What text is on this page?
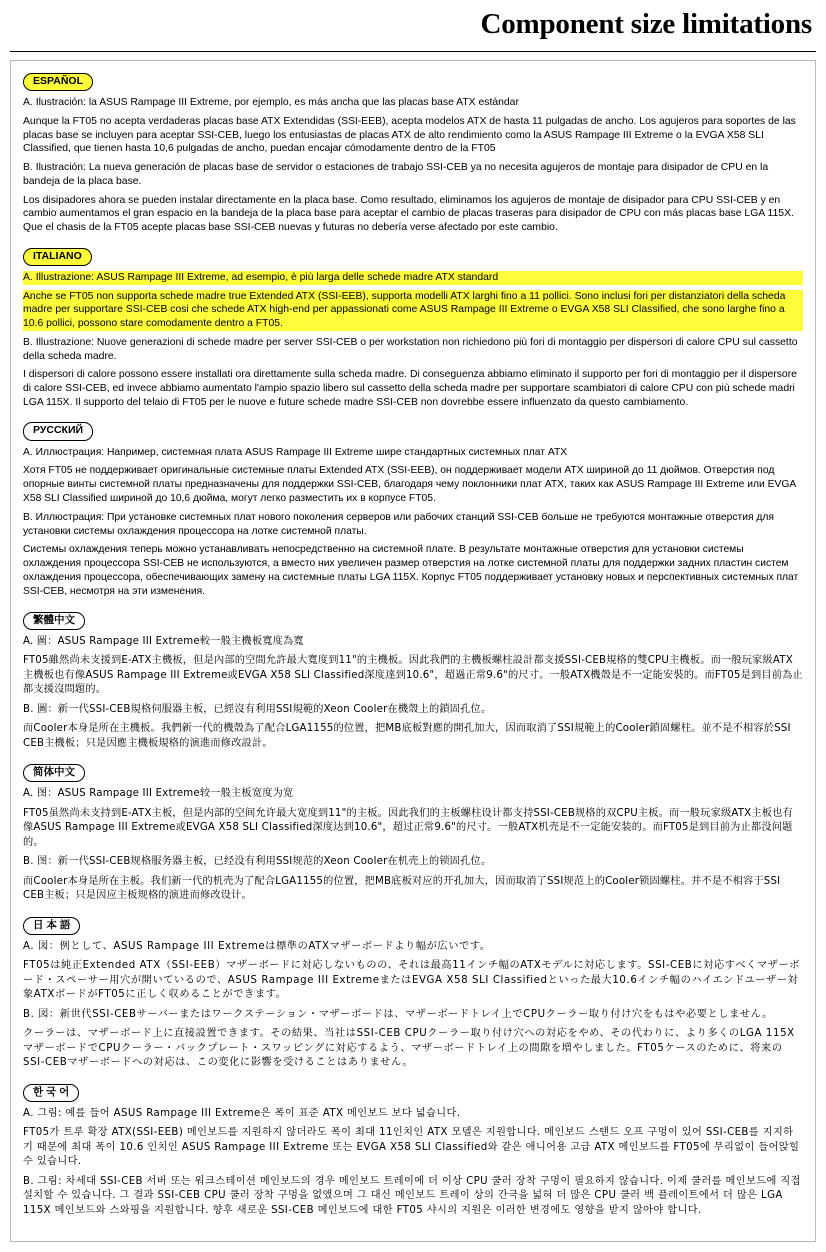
Component size limitations
ESPAÑOL

A. Ilustración: la ASUS Rampage III Extreme, por ejemplo, es más ancha que las placas base ATX estándar

Aunque la FT05 no acepta verdaderas placas base ATX Extendidas (SSI-EEB), acepta modelos ATX de hasta 11 pulgadas de ancho. Los agujeros para soportes de las placas base se incluyen para aceptar SSI-CEB, luego los entusiastas de placas ATX de alto rendimiento como la ASUS Rampage III Extreme o la EVGA X58 SLI Classified, que tienen hasta 10,6 pulgadas de ancho, puedan encajar cómodamente dentro de la FT05

B. Ilustración: La nueva generación de placas base de servidor o estaciones de trabajo SSI-CEB ya no necesita agujeros de montaje para disipador de CPU en la bandeja de la placa base.

Los disipadores ahora se pueden instalar directamente en la placa base. Como resultado, eliminamos los agujeros de montaje de disipador para CPU SSI-CEB y en cambio aumentamos el gran espacio en la bandeja de la placa base para aceptar el cambio de placas traseras para disipador de CPU con más placas base LGA 115X. Que el chasis de la FT05 acepte placas base SSI-CEB nuevas y futuras no debería verse afectado por este cambio.

ITALIANO

A. Illustrazione: ASUS Rampage III Extreme, ad esempio, è più larga delle schede madre ATX standard

Anche se FT05 non supporta schede madre true Extended ATX (SSI-EEB), supporta modelli ATX larghi fino a 11 pollici. Sono inclusi fori per distanziatori della scheda madre per supportare SSI-CEB cosi che schede ATX high-end per appassionati come ASUS Rampage III Extreme o EVGA X58 SLI Classified, che sono larghe fino a 10.6 pollici, possono stare comodamente dentro a FT05.

B. Illustrazione: Nuove generazioni di schede madre per server SSI-CEB o per workstation non richiedono più fori di montaggio per dispersori di calore CPU sul cassetto della scheda madre.

I dispersori di calore possono essere installati ora direttamente sulla scheda madre. Di conseguenza abbiamo eliminato il supporto per fori di montaggio per il dispersore di calore SSI-CEB, ed invece abbiamo aumentato l'ampio spazio libero sul cassetto della scheda madre per supportare scambiatori di calore CPU con più schede madri LGA 115X. Il supporto del telaio di FT05 per le nuove e future schede madre SSI-CEB non dovrebbe essere influenzato da questo cambiamento.

РУССКИЙ

A. Иллюстрация: Например, системная плата ASUS Rampage III Extreme шире стандартных системных плат ATX

Хотя FT05 не поддерживает оригинальные системные платы Extended ATX (SSI-EEB), он поддерживает модели ATX шириной до 11 дюймов. Отверстия под опорные винты системной платы предназначены для поддержки SSI-CEB, благодаря чему поклонники плат ATX, таких как ASUS Rampage III Extreme или EVGA X58 SLI Classified шириной до 10,6 дюйма, могут легко разместить их в корпусе FT05.

В. Иллюстрация: При установке системных плат нового поколения серверов или рабочих станций SSI-CEB больше не требуются монтажные отверстия для установки системы охлаждения процессора на лотке системной платы.

Системы охлаждения теперь можно устанавливать непосредственно на системной плате. В результате монтажные отверстия для установки системы охлаждения процессора SSI-CEB не используются, а вместо них увеличен размер отверстия на лотке системной платы для поддержки задних пластин систем охлаждения процессора, обеспечивающих замену на системные платы LGA 115X. Корпус FT05 поддерживает установку новых и перспективных системных плат SSI-CEB, несмотря на эти изменения.

繁體中文

A. 圖：ASUS Rampage III Extreme較一般主機板寬度為寬

FT05雖然尚未支援到E-ATX主機板，但是內部的空間允許最大寬度到11"的主機板。因此我們的主機板螺柱設計都支援SSI-CEB規格的雙CPU主機板。而一般玩家級ATX主機板也有像ASUS Rampage III Extreme或EVGA X58 SLI Classified深度達到10.6"，超過正常9.6"的尺寸。一般ATX機殼是不一定能安裝的。而FT05是到目前為止都支援沒問題的。

B. 圖：新一代SSI-CEB規格伺服器主板，已經沒有利用SSI規範的Xeon Cooler在機殼上的鎖固孔位。

而Cooler本身是所在主機板。我們新一代的機殼為了配合LGA1155的位置，把MB底板對應的開孔加大，因而取消了SSI規範上的Cooler鎖固螺柱。並不是不相容於SSI CEB主機板；只是因應主機板規格的演進而修改設計。

简体中文

A. 图：ASUS Rampage III Extreme较一般主板宽度为宽

FT05虽然尚未支持到E-ATX主板，但是内部的空间允许最大宽度到11"的主板。因此我们的主板螺柱设计都支持SSI-CEB规格的双CPU主板。而一般玩家级ATX主板也有像ASUS Rampage III Extreme或EVGA X58 SLI Classified深度达到10.6"，超过正常9.6"的尺寸。一般ATX机壳是不一定能安装的。而FT05是到目前为止都没问题的。

B. 图：新一代SSI-CEB规格服务器主板，已经没有利用SSI规范的Xeon Cooler在机壳上的锁固孔位。

而Cooler本身是所在主板。我们新一代的机壳为了配合LGA1155的位置，把MB底板对应的开孔加大，因而取消了SSI规范上的Cooler锁固螺柱。并不是不相容于SSI CEB主板；只是因应主板规格的演进而修改设计。

日 本 語

A. 図：例として、ASUS Rampage III Extremeは標準のATXマザーボードより幅が広いです。

FT05は純正Extended ATX（SSI-EEB）マザーボードに対応しないものの、それは最高11インチ幅のATXモデルに対応します。SSI-CEBに対応すべくマザーボード・スペーサー用穴が開いているので、ASUS Rampage III ExtremeまたはEVGA X58 SLI Classifiedといった最大10.6インチ幅のハイエンドユーザー対象ATXボードがFT05に正しく収めることができます。

B. 図：新世代SSI-CEBサーバーまたはワークステーション・マザーボードは、マザーボードトレイ上でCPUクーラー取り付け穴をもはや必要としません。

クーラーは、マザーボード上に直接設置できます。その結果、当社はSSI-CEB CPUクーラー取り付け穴への対応をやめ、その代わりに、より多くのLGA 115XマザーボードでCPUクーラー・バックプレート・スワッピングに対応するよう、マザーボードトレイ上の間隙を増やしました。FT05ケースのために、将来のSSI-CEBマザーボードへの対応は、この変化に影響を受けることはありません。

한 국 어

A. 그림: 예를 들어 ASUS Rampage III Extreme은 폭이 표준 ATX 메인보드 보다 넓습니다.

FT05가 트루 확장 ATX(SSI-EEB) 메인보드를 지원하지 않더라도 폭이 최대 11인치인 ATX 모델은 지원합니다. 메인보드 스탠드 오프 구멍이 있어 SSI-CEB를 지지하기 때문에 최대 폭이 10.6 인치인 ASUS Rampage III Extreme 또는 EVGA X58 SLI Classified와 같은 애니어용 고급 ATX 메인보드를 FT05에 무리없이 들어앉힐 수 있습니다.

B. 그림: 차세대 SSI-CEB 서버 또는 워크스테이션 메인보드의 경우 메인보드 트레이에 더 이상 CPU 쿨러 장착 구멍이 필요하지 않습니다. 이제 쿨러를 메인보드에 직접 설치할 수 있습니다. 그 결과 SSI-CEB CPU 쿨러 장착 구멍을 없앴으며 그 대신 메인보드 트레이 상의 간극을 넓혀 더 많은 CPU 쿨러 백 플레이트에서 더 많은 LGA 115X 메인보드와 스와핑을 지원합니다. 향후 새로운 SSI-CEB 메인보드에 대한 FT05 샤시의 지원은 이러한 변경에도 영향을 받지 않아야 합니다.
